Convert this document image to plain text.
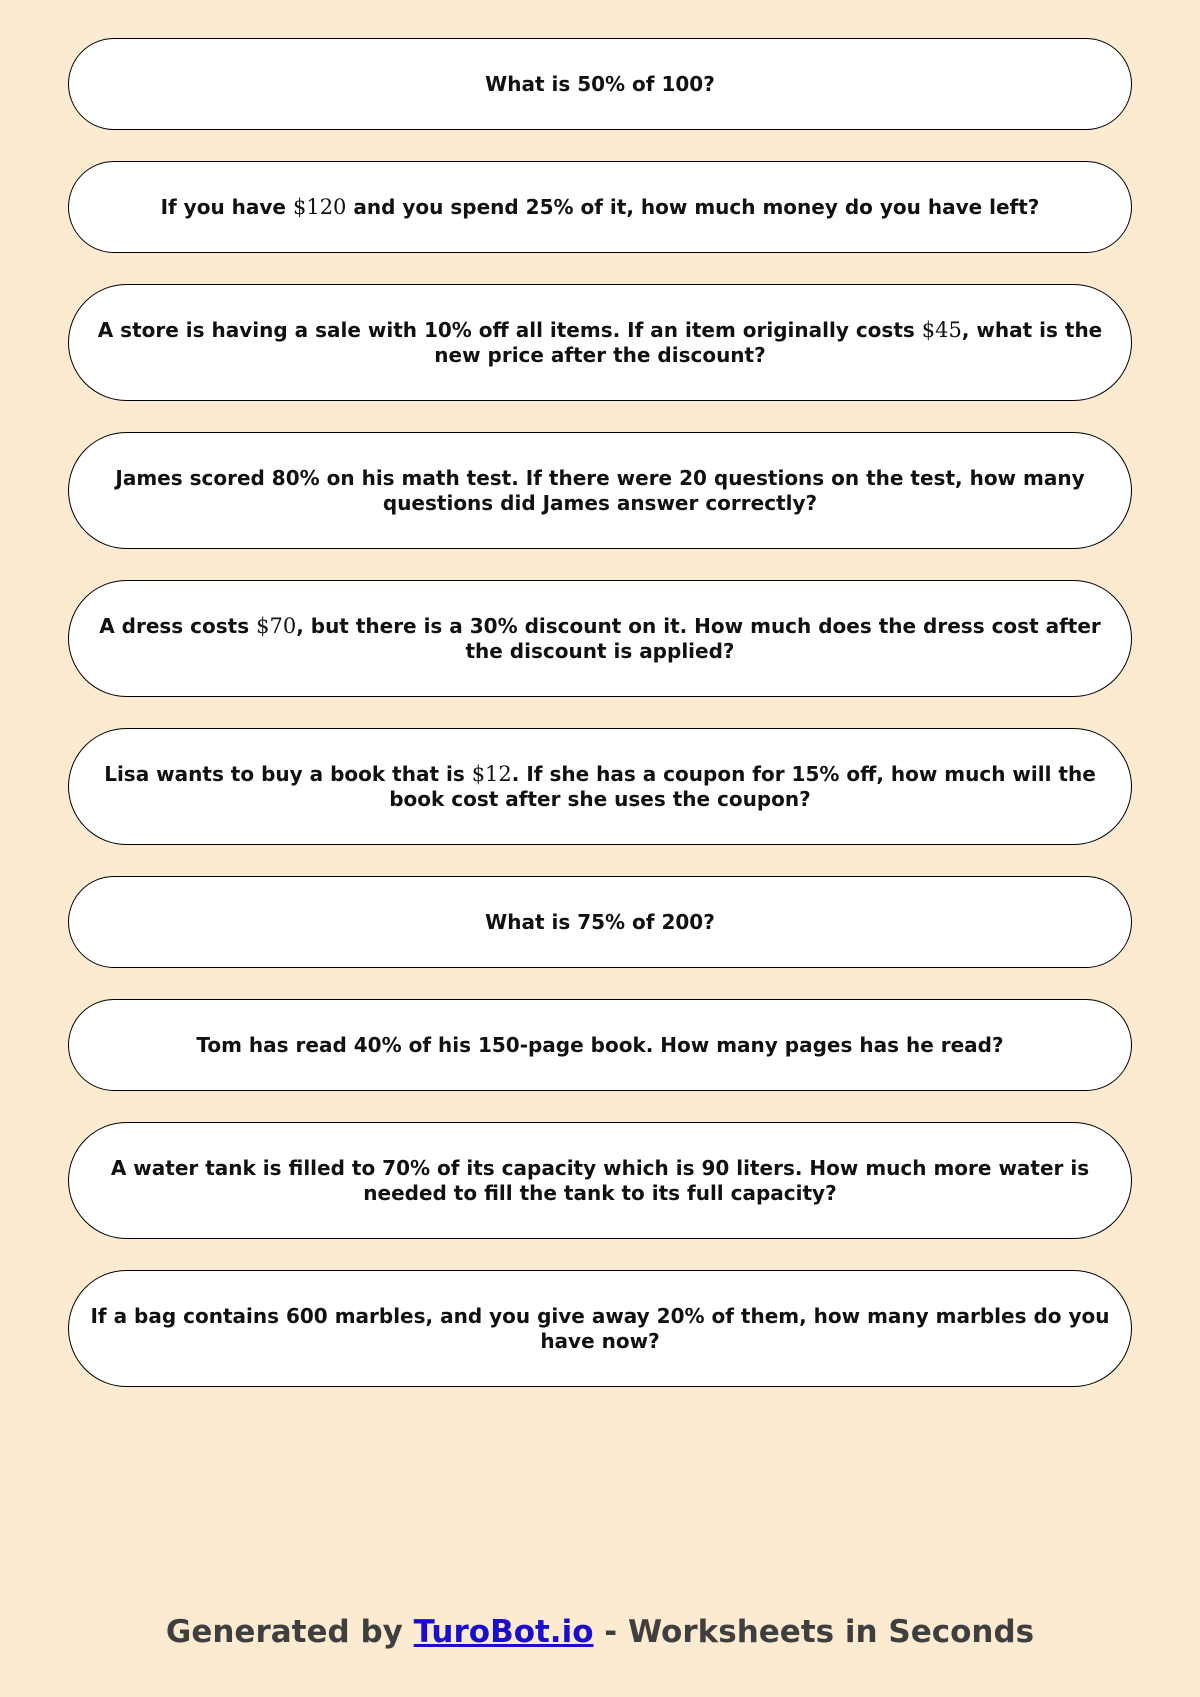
What is 50% of 100?
If you have $120 and you spend 25% of it, how much money do you have left?
A store is having a sale with 10% off all items. If an item originally costs $45, what is the new price after the discount?
James scored 80% on his math test. If there were 20 questions on the test, how many questions did James answer correctly?
A dress costs $70, but there is a 30% discount on it. How much does the dress cost after the discount is applied?
Lisa wants to buy a book that is $12. If she has a coupon for 15% off, how much will the book cost after she uses the coupon?
What is 75% of 200?
Tom has read 40% of his 150-page book. How many pages has he read?
A water tank is filled to 70% of its capacity which is 90 liters. How much more water is needed to fill the tank to its full capacity?
If a bag contains 600 marbles, and you give away 20% of them, how many marbles do you have now?
Generated by TuroBot.io - Worksheets in Seconds
